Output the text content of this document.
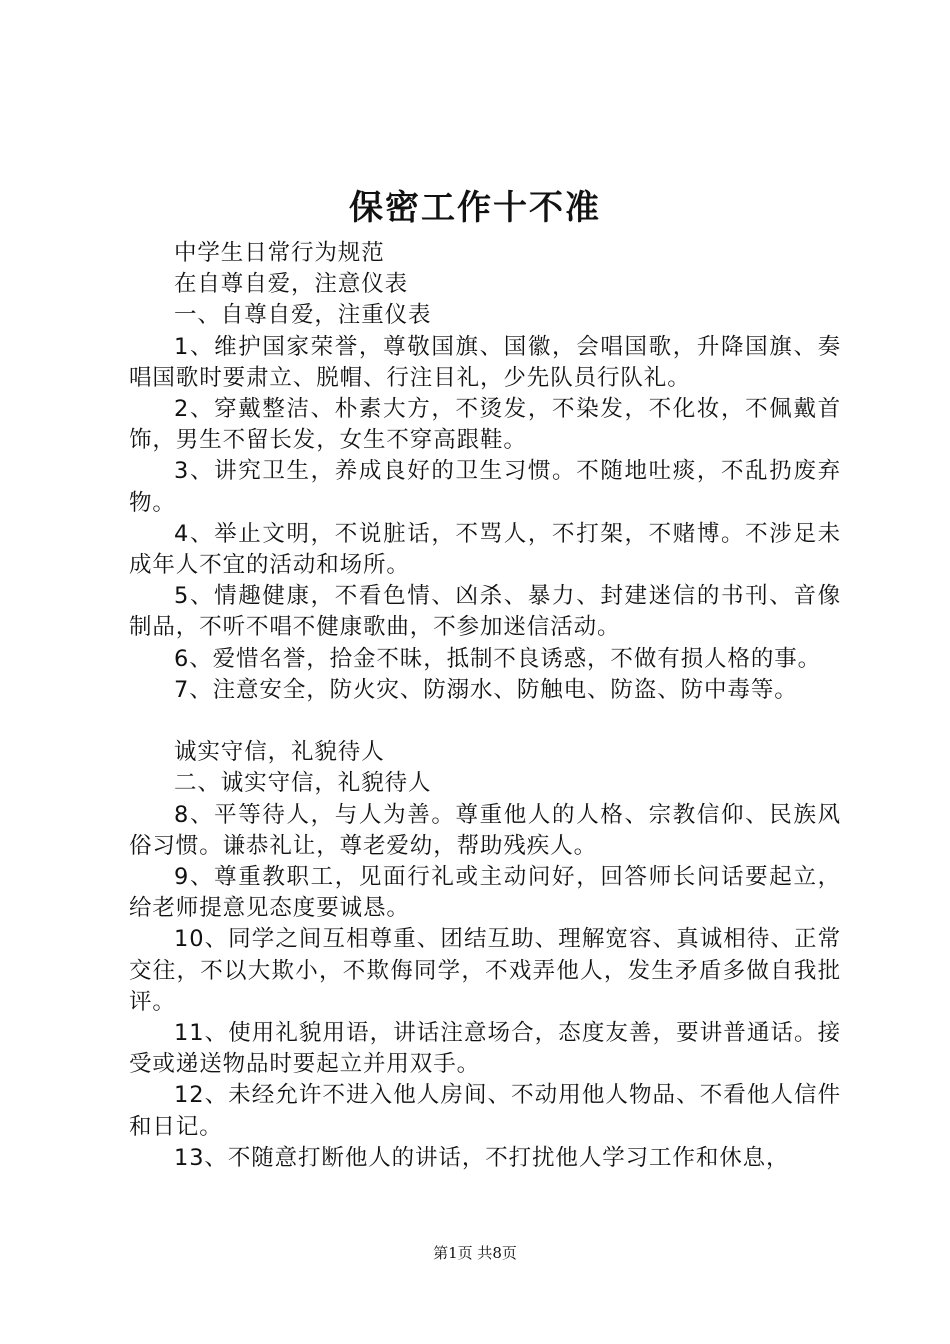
保密工作十不准

中学生日常行为规范

在自尊自爱，注意仪表

一、自尊自爱，注重仪表

1、维护国家荣誉，尊敬国旗、国徽，会唱国歌，升降国旗、奏唱国歌时要肃立、脱帽、行注目礼，少先队员行队礼。

2、穿戴整洁、朴素大方，不烫发，不染发，不化妆，不佩戴首饰，男生不留长发，女生不穿高跟鞋。

3、讲究卫生，养成良好的卫生习惯。不随地吐痰，不乱扔废弃物。

4、举止文明，不说脏话，不骂人，不打架，不赌博。不涉足未成年人不宜的活动和场所。

5、情趣健康，不看色情、凶杀、暴力、封建迷信的书刊、音像制品，不听不唱不健康歌曲，不参加迷信活动。

6、爱惜名誉，拾金不昧，抵制不良诱惑，不做有损人格的事。

7、注意安全，防火灾、防溺水、防触电、防盗、防中毒等。

诚实守信，礼貌待人

二、诚实守信，礼貌待人

8、平等待人，与人为善。尊重他人的人格、宗教信仰、民族风俗习惯。谦恭礼让，尊老爱幼，帮助残疾人。

9、尊重教职工，见面行礼或主动问好，回答师长问话要起立，给老师提意见态度要诚恳。

10、同学之间互相尊重、团结互助、理解宽容、真诚相待、正常交往，不以大欺小，不欺侮同学，不戏弄他人，发生矛盾多做自我批评。

11、使用礼貌用语，讲话注意场合，态度友善，要讲普通话。接受或递送物品时要起立并用双手。

12、未经允许不进入他人房间、不动用他人物品、不看他人信件和日记。

13、不随意打断他人的讲话，不打扰他人学习工作和休息，

第1页 共8页
